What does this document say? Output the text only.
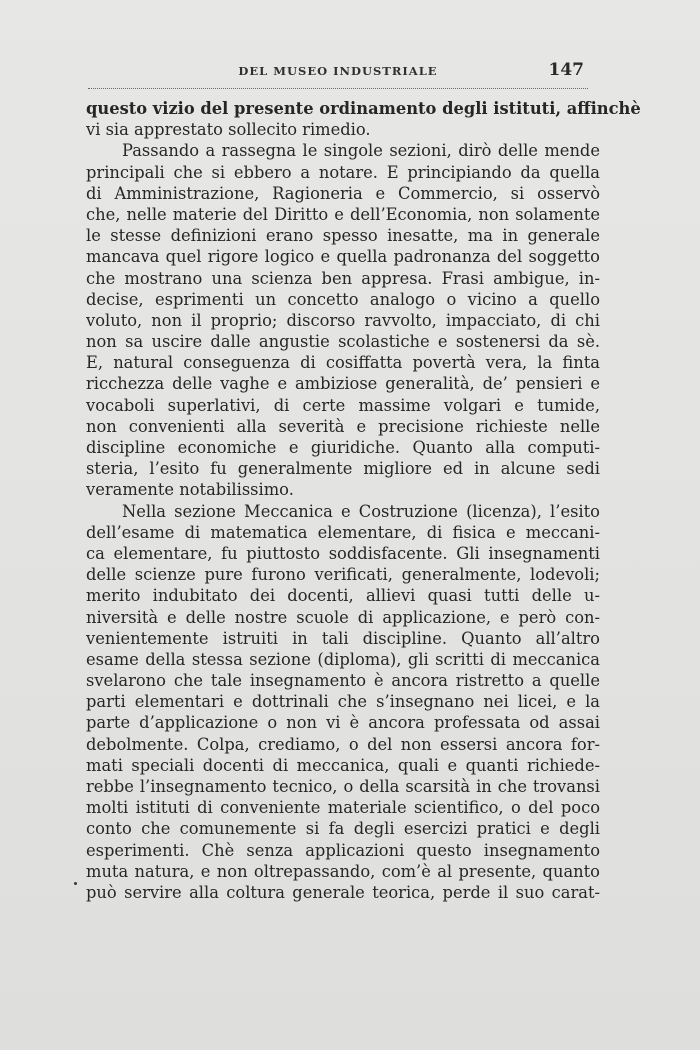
DEL MUSEO INDUSTRIALE	147
questo vizio del presente ordinamento degli istituti, affinchè
vi sia apprestato sollecito rimedio.
Passando a rassegna le singole sezioni, dirò delle mende
principali che si ebbero a notare. E principiando da quella
di Amministrazione, Ragioneria e Commercio, si osservò
che, nelle materie del Diritto e dell’Economia, non solamente
le stesse definizioni erano spesso inesatte, ma in generale
mancava quel rigore logico e quella padronanza del soggetto
che mostrano una scienza ben appresa. Frasi ambigue, in-
decise, esprimenti un concetto analogo o vicino a quello
voluto, non il proprio; discorso ravvolto, impacciato, di chi
non sa uscire dalle angustie scolastiche e sostenersi da sè.
E, natural conseguenza di cosiffatta povertà vera, la finta
ricchezza delle vaghe e ambiziose generalità, de’ pensieri e
vocaboli superlativi, di certe massime volgari e tumide,
non convenienti alla severità e precisione richieste nelle
discipline economiche e giuridiche. Quanto alla computi-
steria, l’esito fu generalmente migliore ed in alcune sedi
veramente notabilissimo.
Nella sezione Meccanica e Costruzione (licenza), l’esito
dell’esame di matematica elementare, di fisica e meccani-
ca elementare, fu piuttosto soddisfacente. Gli insegnamenti
delle scienze pure furono verificati, generalmente, lodevoli;
merito indubitato dei docenti, allievi quasi tutti delle u-
niversità e delle nostre scuole di applicazione, e però con-
venientemente istruiti in tali discipline. Quanto all’altro
esame della stessa sezione (diploma), gli scritti di meccanica
svelarono che tale insegnamento è ancora ristretto a quelle
parti elementari e dottrinali che s’insegnano nei licei, e la
parte d’applicazione o non vi è ancora professata od assai
debolmente. Colpa, crediamo, o del non essersi ancora for-
mati speciali docenti di meccanica, quali e quanti richiede-
rebbe l’insegnamento tecnico, o della scarsità in che trovansi
molti istituti di conveniente materiale scientifico, o del poco
conto che comunemente si fa degli esercizi pratici e degli
esperimenti. Chè senza applicazioni questo insegnamento
muta natura, e non oltrepassando, com’è al presente, quanto
può servire alla coltura generale teorica, perde il suo carat-
